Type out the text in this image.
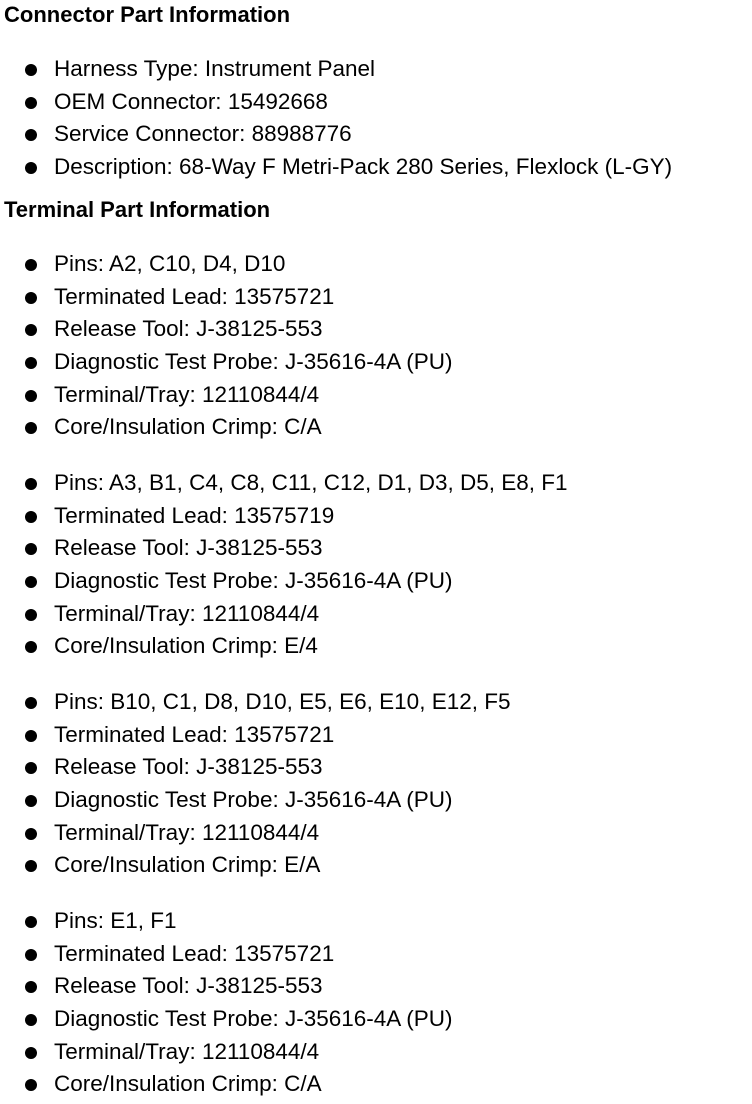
Connector Part Information
Harness Type: Instrument Panel
OEM Connector: 15492668
Service Connector: 88988776
Description: 68-Way F Metri-Pack 280 Series, Flexlock (L-GY)
Terminal Part Information
Pins: A2, C10, D4, D10
Terminated Lead: 13575721
Release Tool: J-38125-553
Diagnostic Test Probe: J-35616-4A (PU)
Terminal/Tray: 12110844/4
Core/Insulation Crimp: C/A
Pins: A3, B1, C4, C8, C11, C12, D1, D3, D5, E8, F1
Terminated Lead: 13575719
Release Tool: J-38125-553
Diagnostic Test Probe: J-35616-4A (PU)
Terminal/Tray: 12110844/4
Core/Insulation Crimp: E/4
Pins: B10, C1, D8, D10, E5, E6, E10, E12, F5
Terminated Lead: 13575721
Release Tool: J-38125-553
Diagnostic Test Probe: J-35616-4A (PU)
Terminal/Tray: 12110844/4
Core/Insulation Crimp: E/A
Pins: E1, F1
Terminated Lead: 13575721
Release Tool: J-38125-553
Diagnostic Test Probe: J-35616-4A (PU)
Terminal/Tray: 12110844/4
Core/Insulation Crimp: C/A
